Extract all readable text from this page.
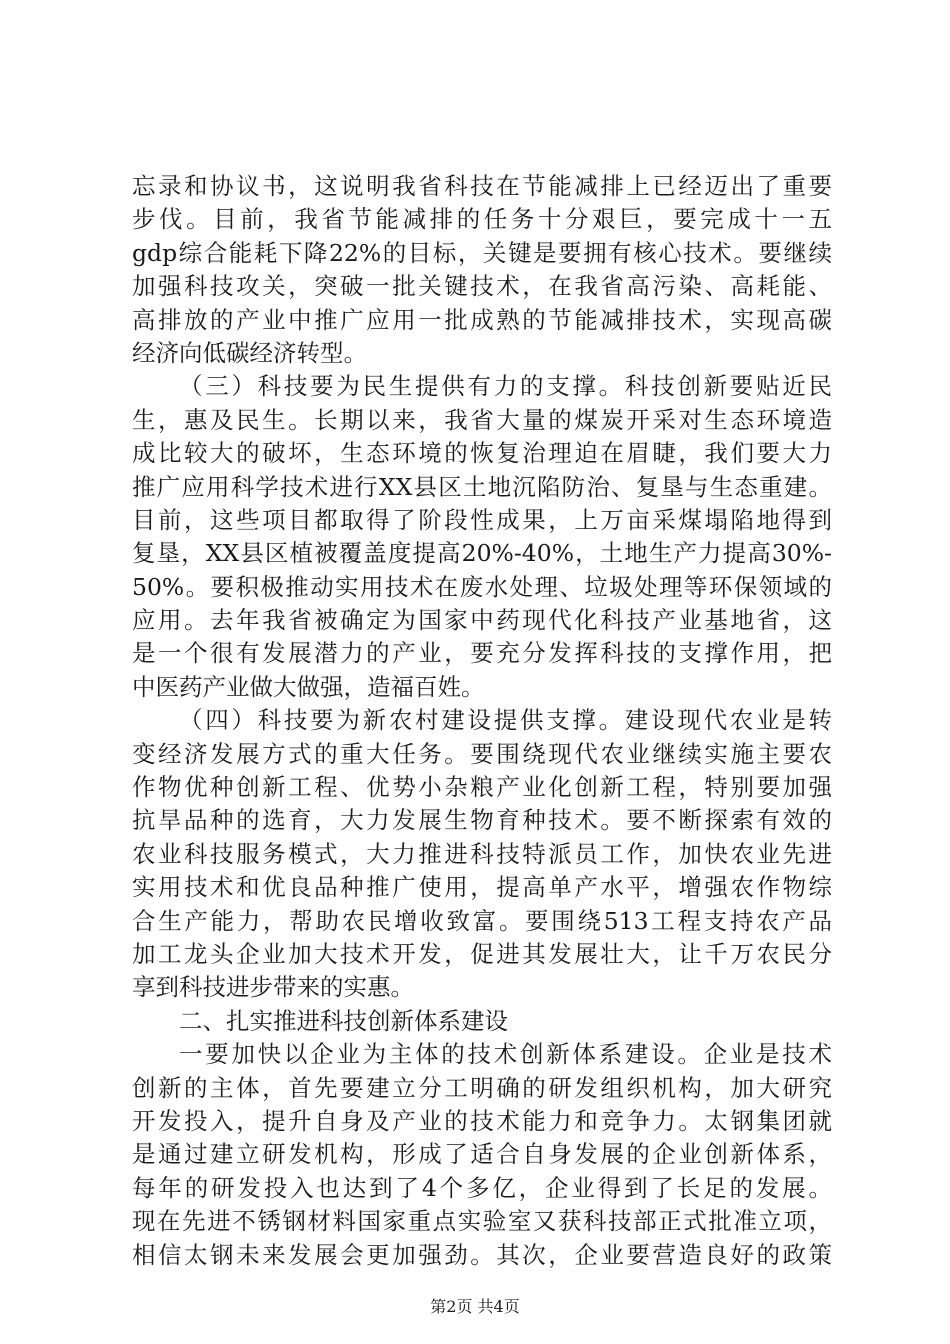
忘录和协议书，这说明我省科技在节能减排上已经迈出了重要
步伐。目前，我省节能减排的任务十分艰巨，要完成十一五
gdp综合能耗下降22%的目标，关键是要拥有核心技术。要继续
加强科技攻关，突破一批关键技术，在我省高污染、高耗能、
高排放的产业中推广应用一批成熟的节能减排技术，实现高碳
经济向低碳经济转型。
（三）科技要为民生提供有力的支撑。科技创新要贴近民
生，惠及民生。长期以来，我省大量的煤炭开采对生态环境造
成比较大的破坏，生态环境的恢复治理迫在眉睫，我们要大力
推广应用科学技术进行XX县区土地沉陷防治、复垦与生态重建。
目前，这些项目都取得了阶段性成果，上万亩采煤塌陷地得到
复垦，XX县区植被覆盖度提高20%-40%，土地生产力提高30%-
50%。要积极推动实用技术在废水处理、垃圾处理等环保领域的
应用。去年我省被确定为国家中药现代化科技产业基地省，这
是一个很有发展潜力的产业，要充分发挥科技的支撑作用，把
中医药产业做大做强，造福百姓。
（四）科技要为新农村建设提供支撑。建设现代农业是转
变经济发展方式的重大任务。要围绕现代农业继续实施主要农
作物优种创新工程、优势小杂粮产业化创新工程，特别要加强
抗旱品种的选育，大力发展生物育种技术。要不断探索有效的
农业科技服务模式，大力推进科技特派员工作，加快农业先进
实用技术和优良品种推广使用，提高单产水平，增强农作物综
合生产能力，帮助农民增收致富。要围绕513工程支持农产品
加工龙头企业加大技术开发，促进其发展壮大，让千万农民分
享到科技进步带来的实惠。
二、扎实推进科技创新体系建设
一要加快以企业为主体的技术创新体系建设。企业是技术
创新的主体，首先要建立分工明确的研发组织机构，加大研究
开发投入，提升自身及产业的技术能力和竞争力。太钢集团就
是通过建立研发机构，形成了适合自身发展的企业创新体系，
每年的研发投入也达到了4个多亿，企业得到了长足的发展。
现在先进不锈钢材料国家重点实验室又获科技部正式批准立项，
相信太钢未来发展会更加强劲。其次，企业要营造良好的政策
第2页 共4页
